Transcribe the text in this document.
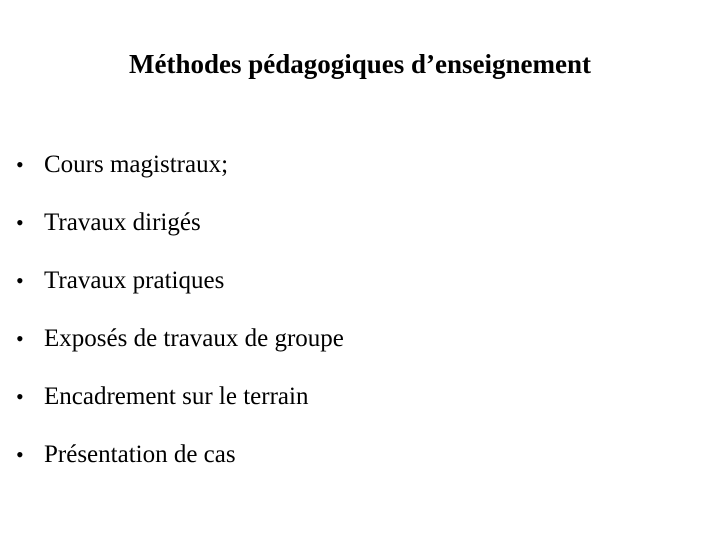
Méthodes pédagogiques d’enseignement
• Cours magistraux;
• Travaux dirigés
• Travaux pratiques
• Exposés de travaux de groupe
• Encadrement sur le terrain
• Présentation de cas
